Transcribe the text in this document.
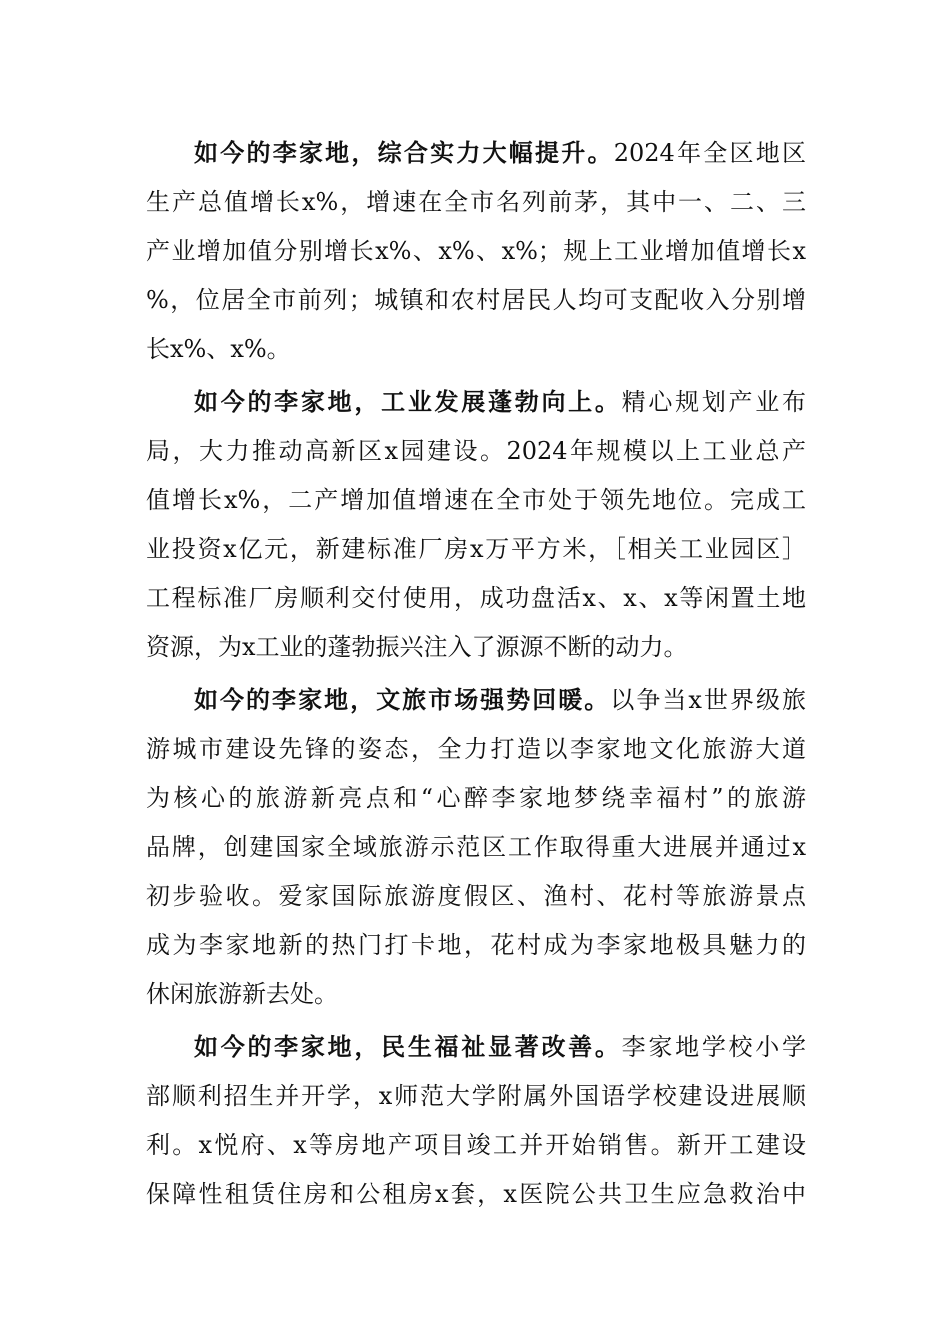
如今的李家地，综合实力大幅提升。2024年全区地区
生产总值增长x%，增速在全市名列前茅，其中一、二、三
产业增加值分别增长x%、x%、x%；规上工业增加值增长x
%，位居全市前列；城镇和农村居民人均可支配收入分别增
长x%、x%。
如今的李家地，工业发展蓬勃向上。精心规划产业布
局，大力推动高新区x园建设。2024年规模以上工业总产
值增长x%，二产增加值增速在全市处于领先地位。完成工
业投资x亿元，新建标准厂房x万平方米，［相关工业园区］
工程标准厂房顺利交付使用，成功盘活x、x、x等闲置土地
资源，为x工业的蓬勃振兴注入了源源不断的动力。
如今的李家地，文旅市场强势回暖。以争当x世界级旅
游城市建设先锋的姿态，全力打造以李家地文化旅游大道
为核心的旅游新亮点和“心醉李家地梦绕幸福村”的旅游
品牌，创建国家全域旅游示范区工作取得重大进展并通过x
初步验收。爱家国际旅游度假区、渔村、花村等旅游景点
成为李家地新的热门打卡地，花村成为李家地极具魅力的
休闲旅游新去处。
如今的李家地，民生福祉显著改善。李家地学校小学
部顺利招生并开学，x师范大学附属外国语学校建设进展顺
利。x悦府、x等房地产项目竣工并开始销售。新开工建设
保障性租赁住房和公租房x套，x医院公共卫生应急救治中
